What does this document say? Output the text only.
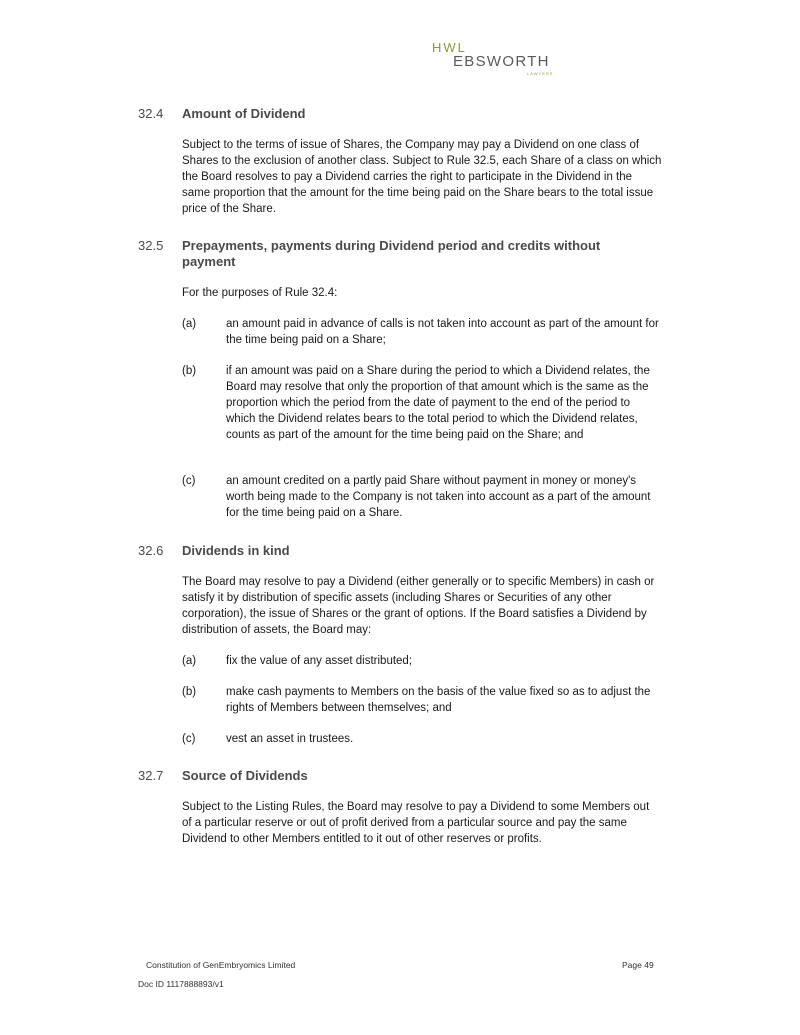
HWL
EBSWORTH
LAWYERS
32.4 Amount of Dividend
Subject to the terms of issue of Shares, the Company may pay a Dividend on one class of Shares to the exclusion of another class. Subject to Rule 32.5, each Share of a class on which the Board resolves to pay a Dividend carries the right to participate in the Dividend in the same proportion that the amount for the time being paid on the Share bears to the total issue price of the Share.
32.5 Prepayments, payments during Dividend period and credits without payment
For the purposes of Rule 32.4:
(a)	an amount paid in advance of calls is not taken into account as part of the amount for the time being paid on a Share;
(b)	if an amount was paid on a Share during the period to which a Dividend relates, the Board may resolve that only the proportion of that amount which is the same as the proportion which the period from the date of payment to the end of the period to which the Dividend relates bears to the total period to which the Dividend relates, counts as part of the amount for the time being paid on the Share; and
(c)	an amount credited on a partly paid Share without payment in money or money's worth being made to the Company is not taken into account as a part of the amount for the time being paid on a Share.
32.6 Dividends in kind
The Board may resolve to pay a Dividend (either generally or to specific Members) in cash or satisfy it by distribution of specific assets (including Shares or Securities of any other corporation), the issue of Shares or the grant of options. If the Board satisfies a Dividend by distribution of assets, the Board may:
(a)	fix the value of any asset distributed;
(b)	make cash payments to Members on the basis of the value fixed so as to adjust the rights of Members between themselves; and
(c)	vest an asset in trustees.
32.7 Source of Dividends
Subject to the Listing Rules, the Board may resolve to pay a Dividend to some Members out of a particular reserve or out of profit derived from a particular source and pay the same Dividend to other Members entitled to it out of other reserves or profits.
Constitution of GenEmbryomics Limited	Page 49
Doc ID 1117888893/v1
